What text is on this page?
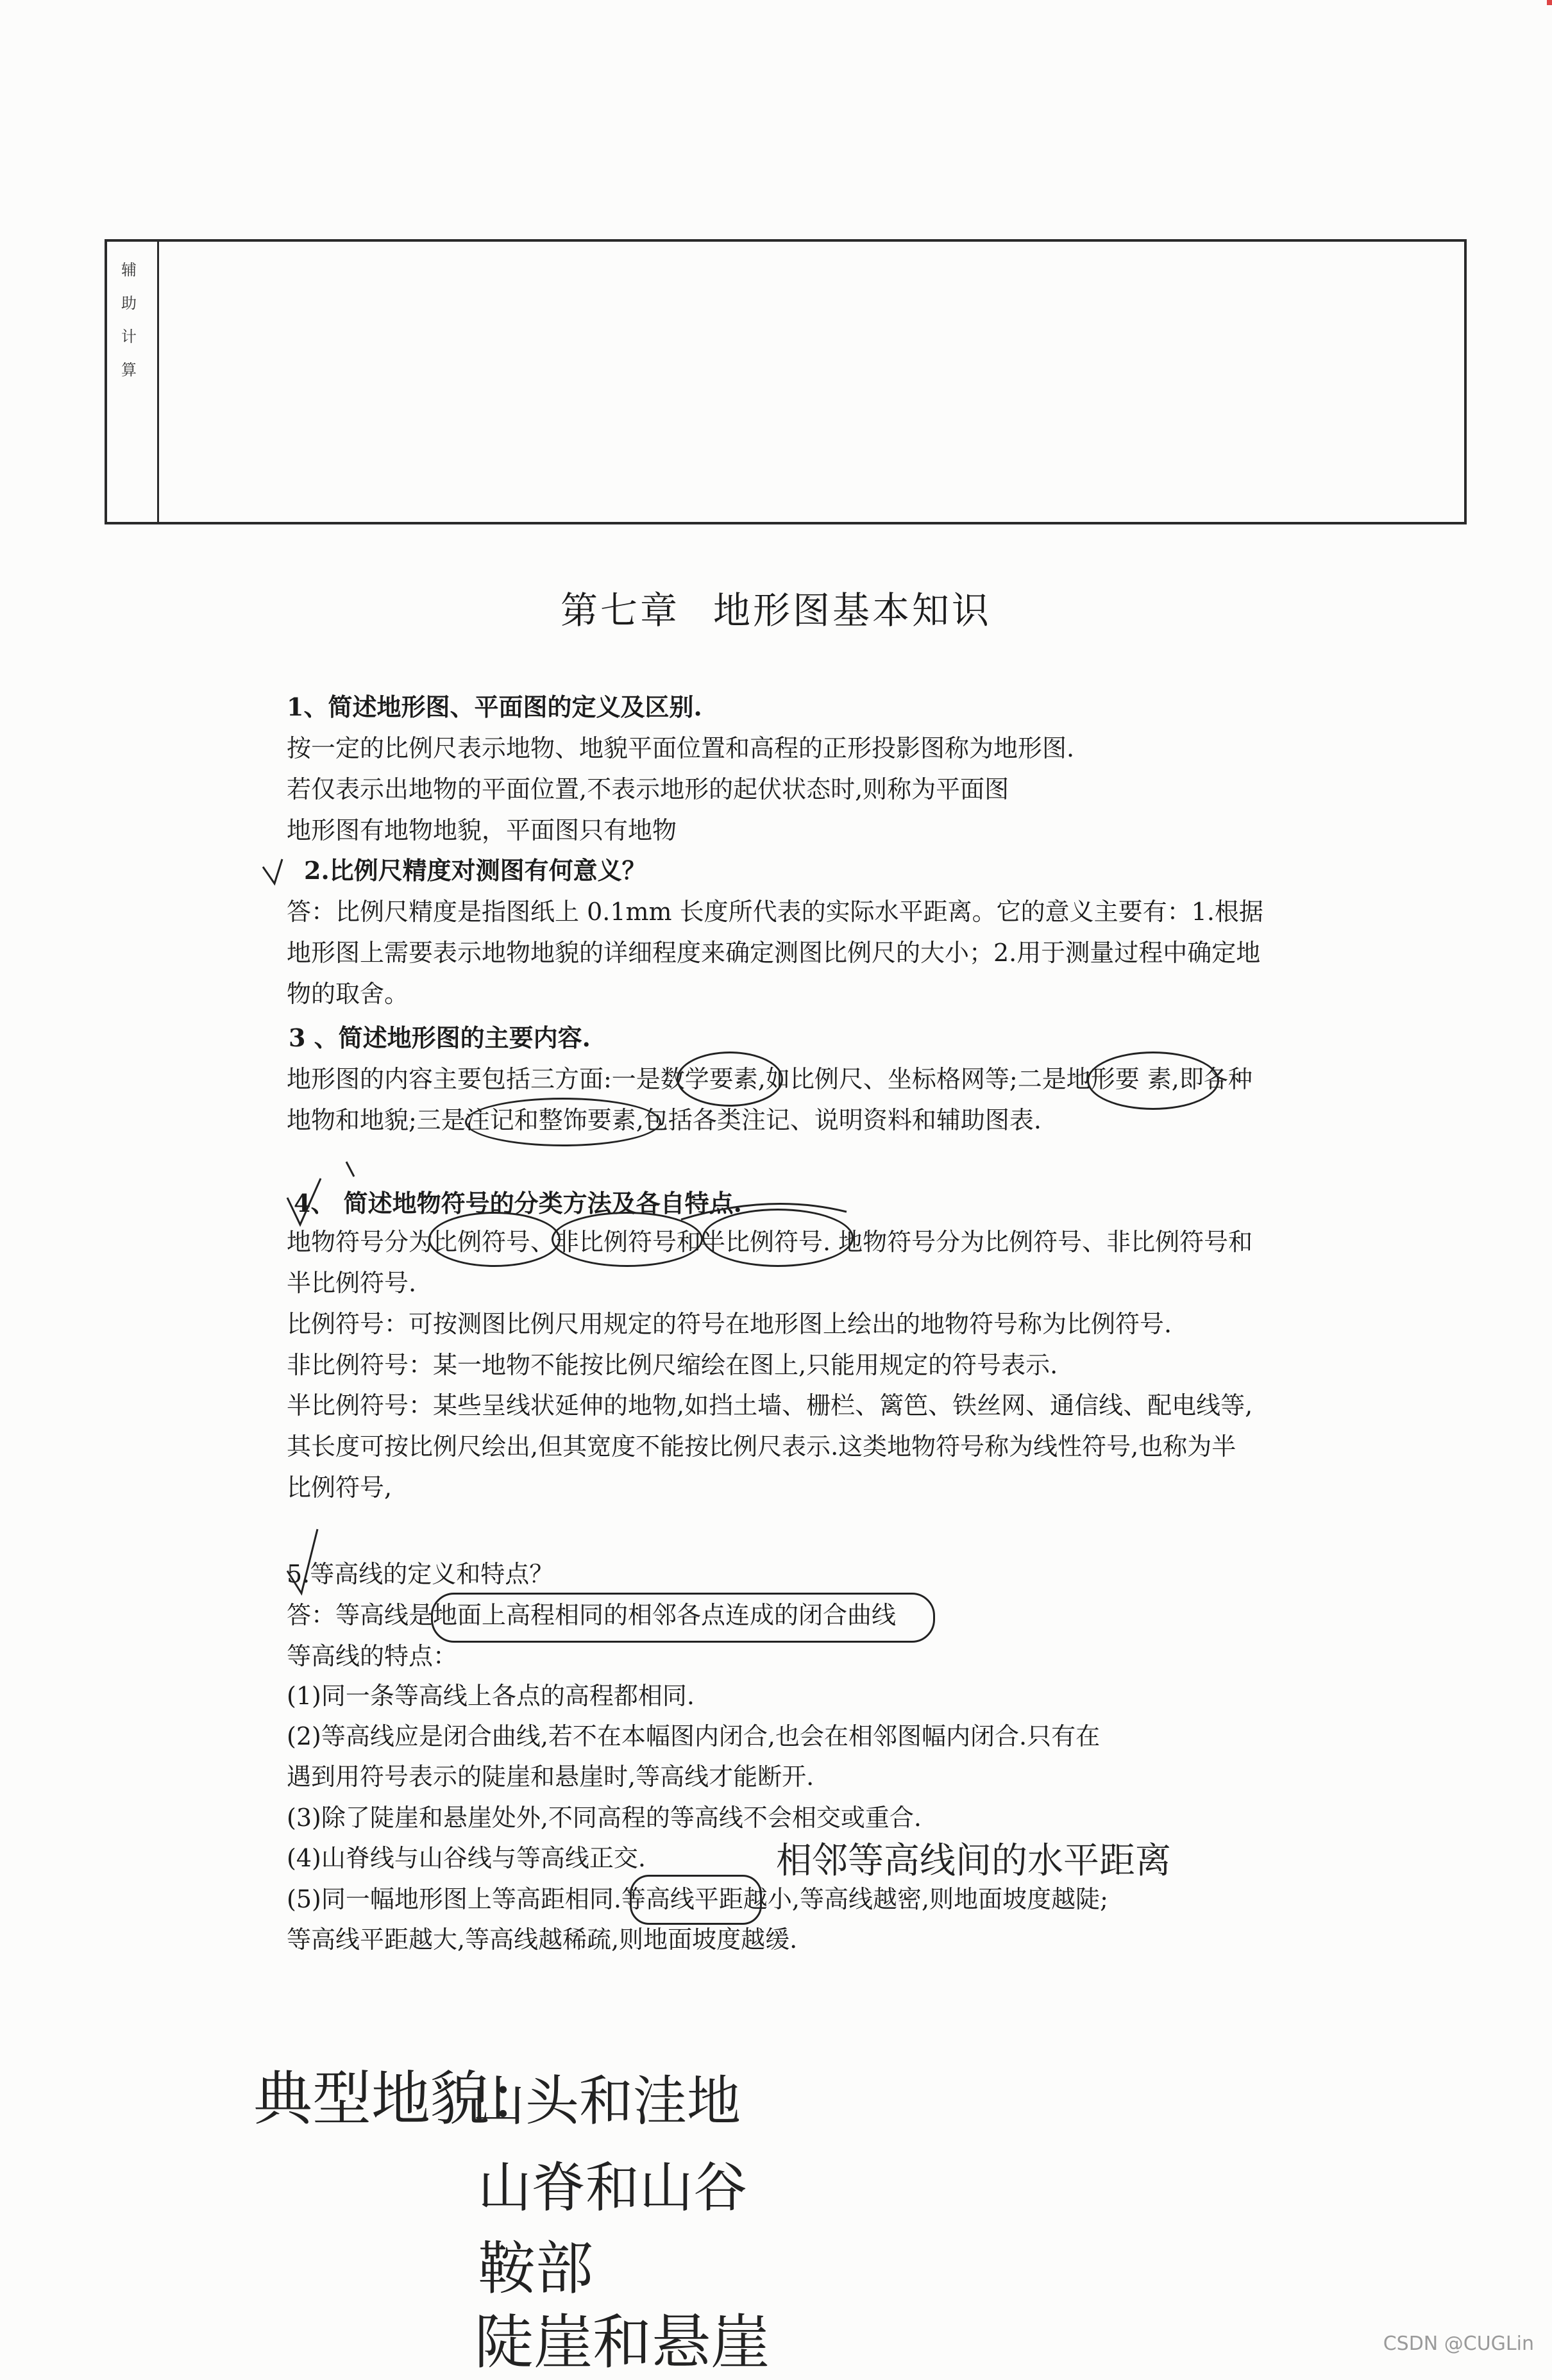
辅
助
计
算
第七章 地形图基本知识
1、简述地形图、平面图的定义及区别.
按一定的比例尺表示地物、地貌平面位置和高程的正形投影图称为地形图.
若仅表示出地物的平面位置,不表示地形的起伏状态时,则称为平面图
地形图有地物地貌，平面图只有地物
2.比例尺精度对测图有何意义？
答：比例尺精度是指图纸上 0.1mm 长度所代表的实际水平距离。它的意义主要有：1.根据
地形图上需要表示地物地貌的详细程度来确定测图比例尺的大小；2.用于测量过程中确定地
物的取舍。
3 、简述地形图的主要内容.
地形图的内容主要包括三方面:一是数学要素,如比例尺、坐标格网等;二是地形要 素,即各种
地物和地貌;三是注记和整饰要素,包括各类注记、说明资料和辅助图表.
4、 简述地物符号的分类方法及各自特点.
地物符号分为比例符号、非比例符号和半比例符号. 地物符号分为比例符号、非比例符号和
半比例符号.
比例符号：可按测图比例尺用规定的符号在地形图上绘出的地物符号称为比例符号.
非比例符号：某一地物不能按比例尺缩绘在图上,只能用规定的符号表示.
半比例符号：某些呈线状延伸的地物,如挡土墙、栅栏、篱笆、铁丝网、通信线、配电线等,
其长度可按比例尺绘出,但其宽度不能按比例尺表示.这类地物符号称为线性符号,也称为半
比例符号,
5.等高线的定义和特点？
答：等高线是地面上高程相同的相邻各点连成的闭合曲线
等高线的特点：
(1)同一条等高线上各点的高程都相同.
(2)等高线应是闭合曲线,若不在本幅图内闭合,也会在相邻图幅内闭合.只有在
遇到用符号表示的陡崖和悬崖时,等高线才能断开.
(3)除了陡崖和悬崖处外,不同高程的等高线不会相交或重合.
(4)山脊线与山谷线与等高线正交.
(5)同一幅地形图上等高距相同.等高线平距越小,等高线越密,则地面坡度越陡;
等高线平距越大,等高线越稀疏,则地面坡度越缓.
相邻等高线间的水平距离
典型地貌：
山头和洼地
山脊和山谷
鞍部
陡崖和悬崖	CSDN @CUGLin
